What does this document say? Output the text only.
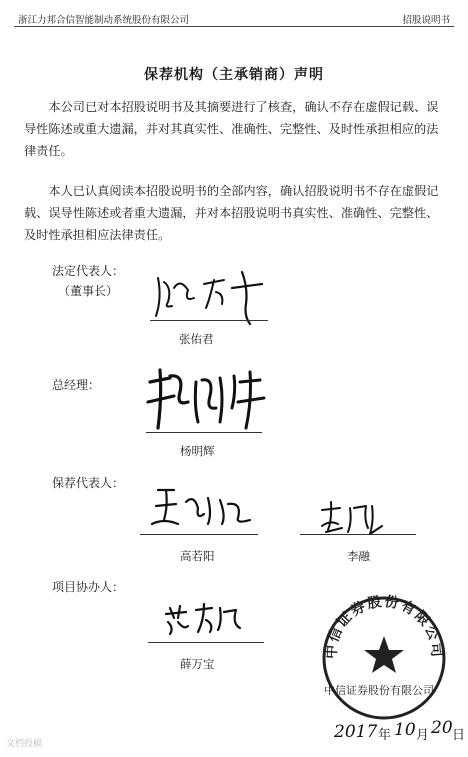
浙江力邦合信智能制动系统股份有限公司	招股说明书
保荐机构（主承销商）声明
本公司已对本招股说明书及其摘要进行了核查，确认不存在虚假记载、误导性陈述或重大遗漏，并对其真实性、准确性、完整性、及时性承担相应的法律责任。
本人已认真阅读本招股说明书的全部内容，确认招股说明书不存在虚假记载、误导性陈述或者重大遗漏，并对本招股说明书真实性、准确性、完整性、及时性承担相应法律责任。
法定代表人：
（董事长）
张佑君
总经理：
杨明辉
保荐代表人：
高若阳	李融
项目协办人：
薛万宝
中信证券股份有限公司
中信证券股份有限公司
2017 年 10 月 20 日
文档投稿
